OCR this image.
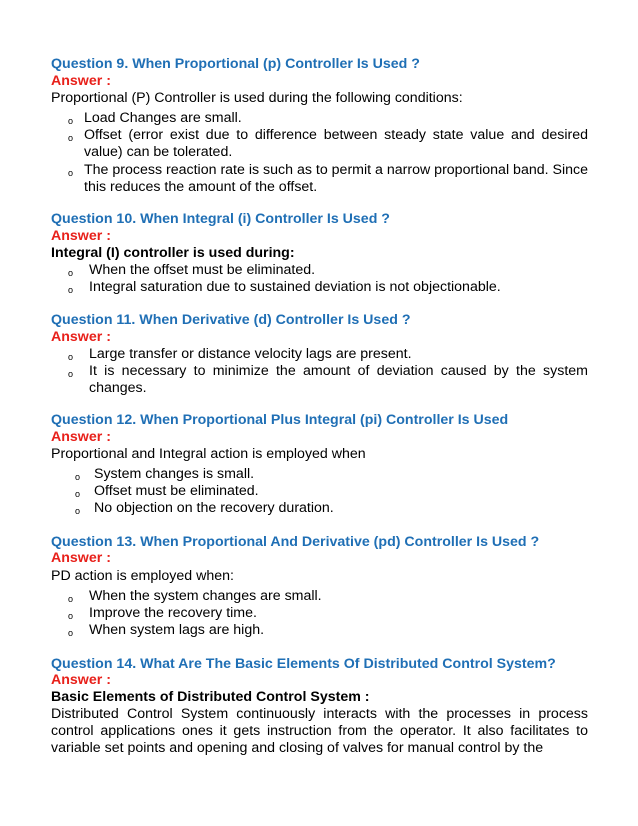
Question 9. When Proportional (p) Controller Is Used ?
Answer :
Proportional (P) Controller is used during the following conditions:
o Load Changes are small.
o Offset (error exist due to difference between steady state value and desired value) can be tolerated.
o The process reaction rate is such as to permit a narrow proportional band. Since this reduces the amount of the offset.
Question 10. When Integral (i) Controller Is Used ?
Answer :
Integral (I) controller is used during:
o When the offset must be eliminated.
o Integral saturation due to sustained deviation is not objectionable.
Question 11. When Derivative (d) Controller Is Used ?
Answer :
o Large transfer or distance velocity lags are present.
o It is necessary to minimize the amount of deviation caused by the system changes.
Question 12. When Proportional Plus Integral (pi) Controller Is Used
Answer :
Proportional and Integral action is employed when
o System changes is small.
o Offset must be eliminated.
o No objection on the recovery duration.
Question 13. When Proportional And Derivative (pd) Controller Is Used ?
Answer :
PD action is employed when:
o When the system changes are small.
o Improve the recovery time.
o When system lags are high.
Question 14. What Are The Basic Elements Of Distributed Control System?
Answer :
Basic Elements of Distributed Control System :
Distributed Control System continuously interacts with the processes in process control applications ones it gets instruction from the operator. It also facilitates to variable set points and opening and closing of valves for manual control by the
